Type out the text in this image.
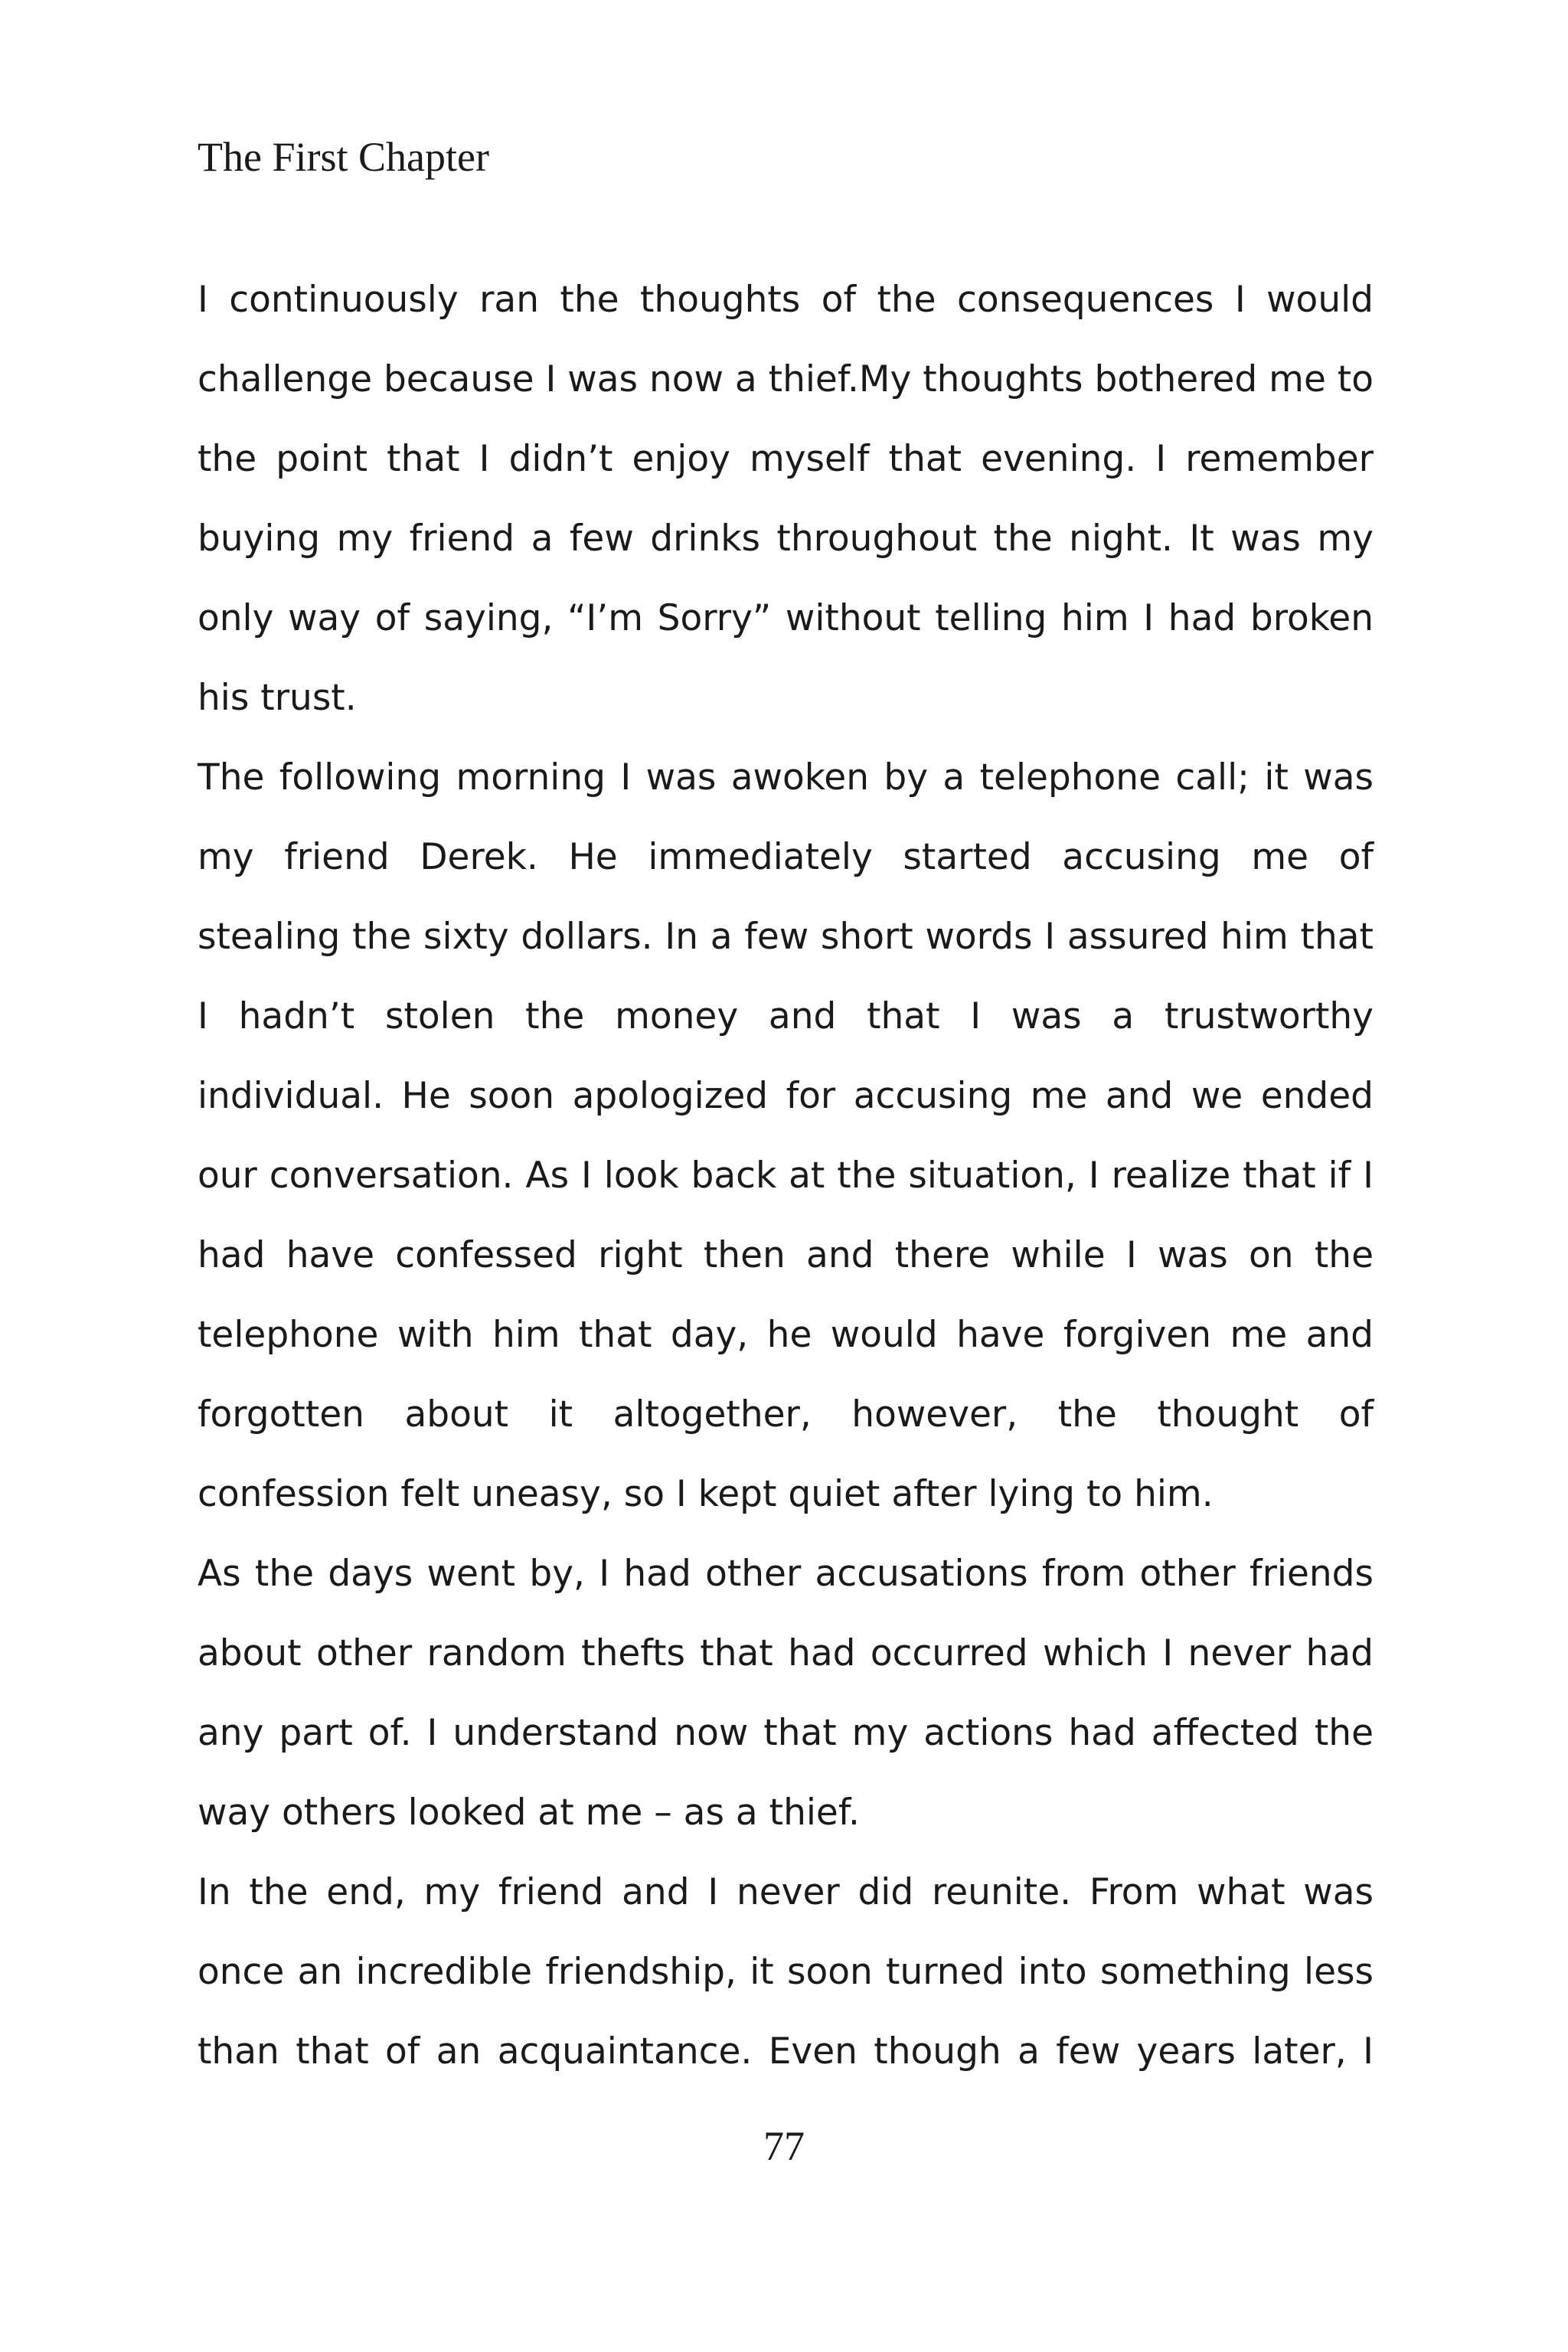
The First Chapter

I continuously ran the thoughts of the consequences I would challenge because I was now a thief.My thoughts bothered me to the point that I didn’t enjoy myself that evening. I remember buying my friend a few drinks throughout the night. It was my only way of saying, “I’m Sorry” without telling him I had broken his trust.

The following morning I was awoken by a telephone call; it was my friend Derek. He immediately started accusing me of stealing the sixty dollars. In a few short words I assured him that I hadn’t stolen the money and that I was a trustworthy individual. He soon apologized for accusing me and we ended our conversation. As I look back at the situation, I realize that if I had have confessed right then and there while I was on the telephone with him that day, he would have forgiven me and forgotten about it altogether, however, the thought of confession felt uneasy, so I kept quiet after lying to him.

As the days went by, I had other accusations from other friends about other random thefts that had occurred which I never had any part of. I understand now that my actions had affected the way others looked at me – as a thief.

In the end, my friend and I never did reunite. From what was once an incredible friendship, it soon turned into something less than that of an acquaintance. Even though a few years later, I

77
